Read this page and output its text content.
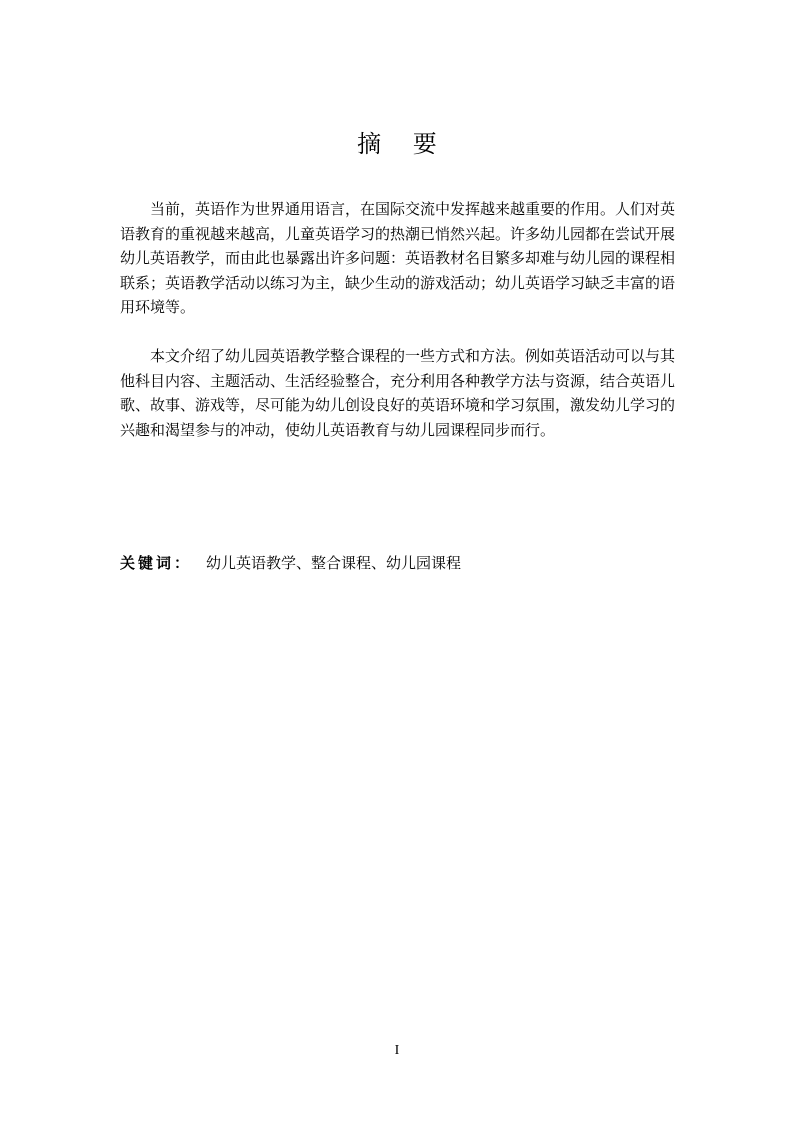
摘 要

当前，英语作为世界通用语言，在国际交流中发挥越来越重要的作用。人们对英语教育的重视越来越高，儿童英语学习的热潮已悄然兴起。许多幼儿园都在尝试开展幼儿英语教学，而由此也暴露出许多问题：英语教材名目繁多却难与幼儿园的课程相联系；英语教学活动以练习为主，缺少生动的游戏活动；幼儿英语学习缺乏丰富的语用环境等。

本文介绍了幼儿园英语教学整合课程的一些方式和方法。例如英语活动可以与其他科目内容、主题活动、生活经验整合，充分利用各种教学方法与资源，结合英语儿歌、故事、游戏等，尽可能为幼儿创设良好的英语环境和学习氛围，激发幼儿学习的兴趣和渴望参与的冲动，使幼儿英语教育与幼儿园课程同步而行。

关键词： 幼儿英语教学、整合课程、幼儿园课程
I
